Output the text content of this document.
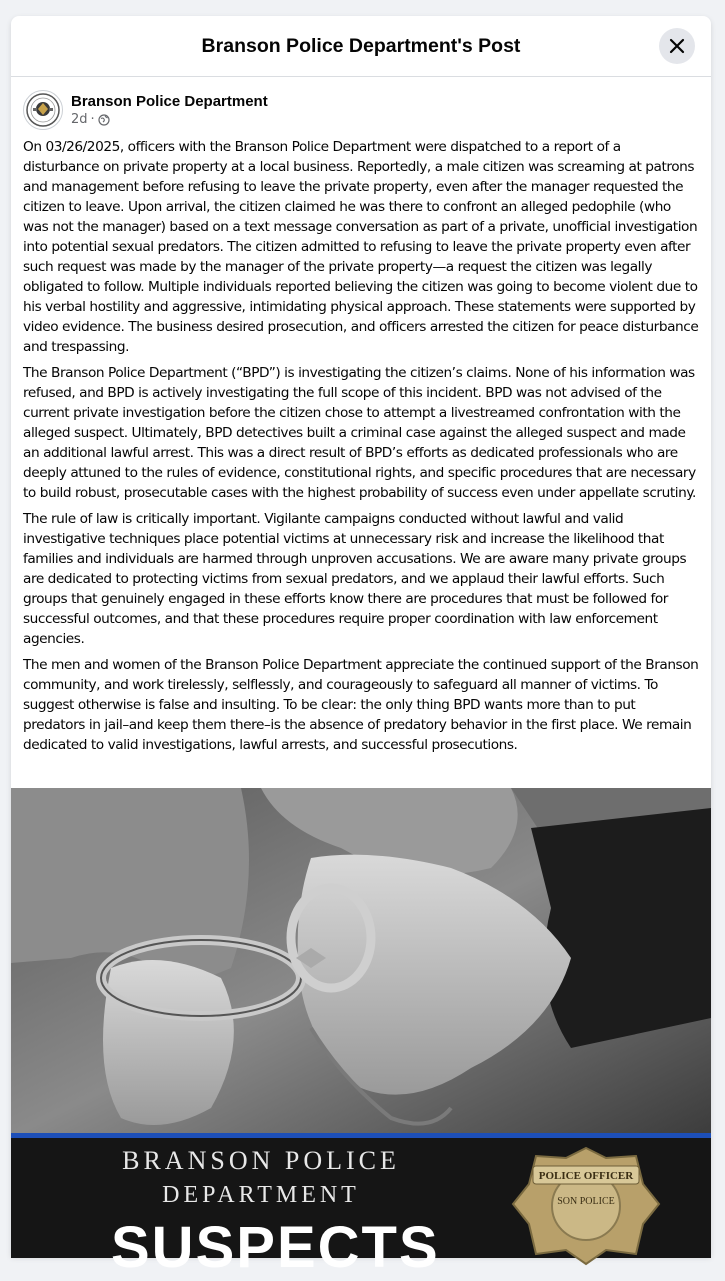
Branson Police Department's Post
Branson Police Department
2d ·

On 03/26/2025, officers with the Branson Police Department were dispatched to a report of a disturbance on private property at a local business. Reportedly, a male citizen was screaming at patrons and management before refusing to leave the private property, even after the manager requested the citizen to leave. Upon arrival, the citizen claimed he was there to confront an alleged pedophile (who was not the manager) based on a text message conversation as part of a private, unofficial investigation into potential sexual predators. The citizen admitted to refusing to leave the private property even after such request was made by the manager of the private property—a request the citizen was legally obligated to follow. Multiple individuals reported believing the citizen was going to become violent due to his verbal hostility and aggressive, intimidating physical approach. These statements were supported by video evidence. The business desired prosecution, and officers arrested the citizen for peace disturbance and trespassing.

The Branson Police Department (“BPD”) is investigating the citizen’s claims. None of his information was refused, and BPD is actively investigating the full scope of this incident. BPD was not advised of the current private investigation before the citizen chose to attempt a livestreamed confrontation with the alleged suspect. Ultimately, BPD detectives built a criminal case against the alleged suspect and made an additional lawful arrest. This was a direct result of BPD’s efforts as dedicated professionals who are deeply attuned to the rules of evidence, constitutional rights, and specific procedures that are necessary to build robust, prosecutable cases with the highest probability of success even under appellate scrutiny.

The rule of law is critically important. Vigilante campaigns conducted without lawful and valid investigative techniques place potential victims at unnecessary risk and increase the likelihood that families and individuals are harmed through unproven accusations. We are aware many private groups are dedicated to protecting victims from sexual predators, and we applaud their lawful efforts. Such groups that genuinely engaged in these efforts know there are procedures that must be followed for successful outcomes, and that these procedures require proper coordination with law enforcement agencies.

The men and women of the Branson Police Department appreciate the continued support of the Branson community, and work tirelessly, selflessly, and courageously to safeguard all manner of victims. To suggest otherwise is false and insulting. To be clear: the only thing BPD wants more than to put predators in jail–and keep them there–is the absence of predatory behavior in the first place. We remain dedicated to valid investigations, lawful arrests, and successful prosecutions.

BRANSON POLICE
DEPARTMENT
SUSPECTS
POLICE OFFICER
SON POLICE
